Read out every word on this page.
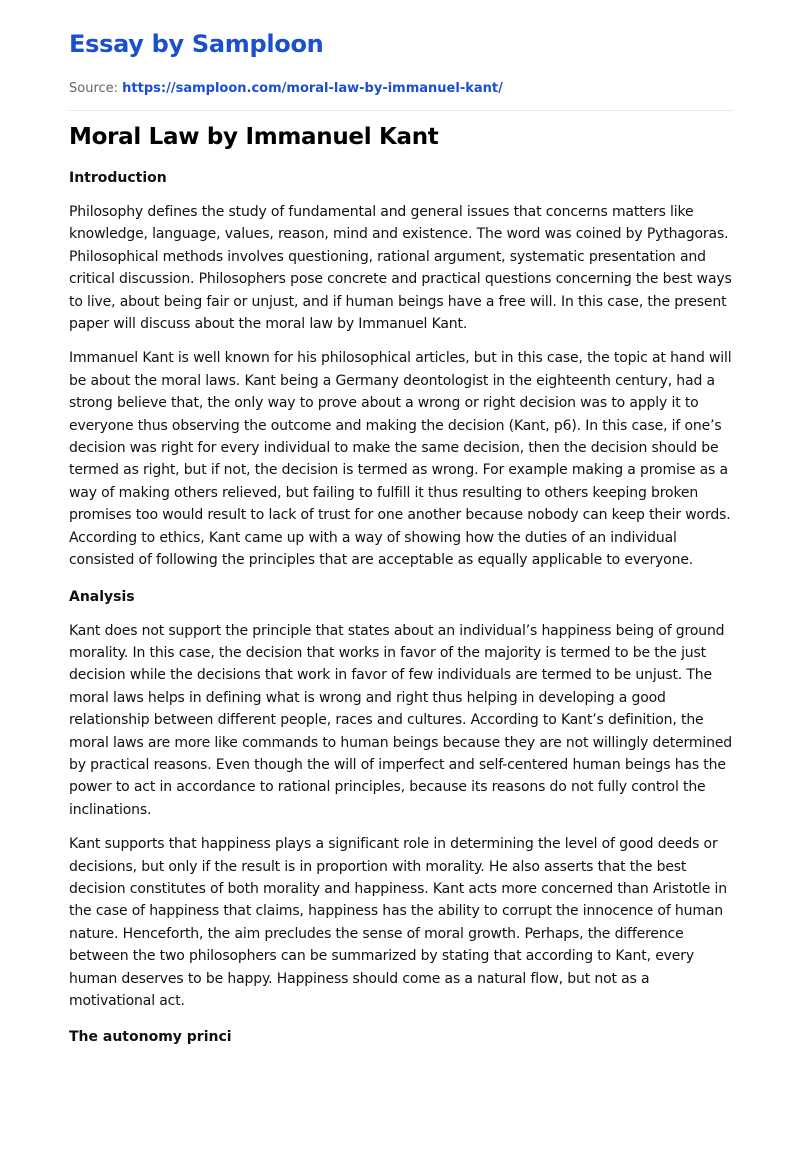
Essay by Samploon
Source: https://samploon.com/moral-law-by-immanuel-kant/
Moral Law by Immanuel Kant
Introduction

Philosophy defines the study of fundamental and general issues that concerns matters like knowledge, language, values, reason, mind and existence. The word was coined by Pythagoras. Philosophical methods involves questioning, rational argument, systematic presentation and critical discussion. Philosophers pose concrete and practical questions concerning the best ways to live, about being fair or unjust, and if human beings have a free will. In this case, the present paper will discuss about the moral law by Immanuel Kant.

Immanuel Kant is well known for his philosophical articles, but in this case, the topic at hand will be about the moral laws. Kant being a Germany deontologist in the eighteenth century, had a strong believe that, the only way to prove about a wrong or right decision was to apply it to everyone thus observing the outcome and making the decision (Kant, p6). In this case, if one’s decision was right for every individual to make the same decision, then the decision should be termed as right, but if not, the decision is termed as wrong. For example making a promise as a way of making others relieved, but failing to fulfill it thus resulting to others keeping broken promises too would result to lack of trust for one another because nobody can keep their words. According to ethics, Kant came up with a way of showing how the duties of an individual consisted of following the principles that are acceptable as equally applicable to everyone.

Analysis

Kant does not support the principle that states about an individual’s happiness being of ground morality. In this case, the decision that works in favor of the majority is termed to be the just decision while the decisions that work in favor of few individuals are termed to be unjust. The moral laws helps in defining what is wrong and right thus helping in developing a good relationship between different people, races and cultures. According to Kant’s definition, the moral laws are more like commands to human beings because they are not willingly determined by practical reasons. Even though the will of imperfect and self-centered human beings has the power to act in accordance to rational principles, because its reasons do not fully control the inclinations.

Kant supports that happiness plays a significant role in determining the level of good deeds or decisions, but only if the result is in proportion with morality. He also asserts that the best decision constitutes of both morality and happiness. Kant acts more concerned than Aristotle in the case of happiness that claims, happiness has the ability to corrupt the innocence of human nature. Henceforth, the aim precludes the sense of moral growth. Perhaps, the difference between the two philosophers can be summarized by stating that according to Kant, every human deserves to be happy. Happiness should come as a natural flow, but not as a motivational act.

The autonomy princi
